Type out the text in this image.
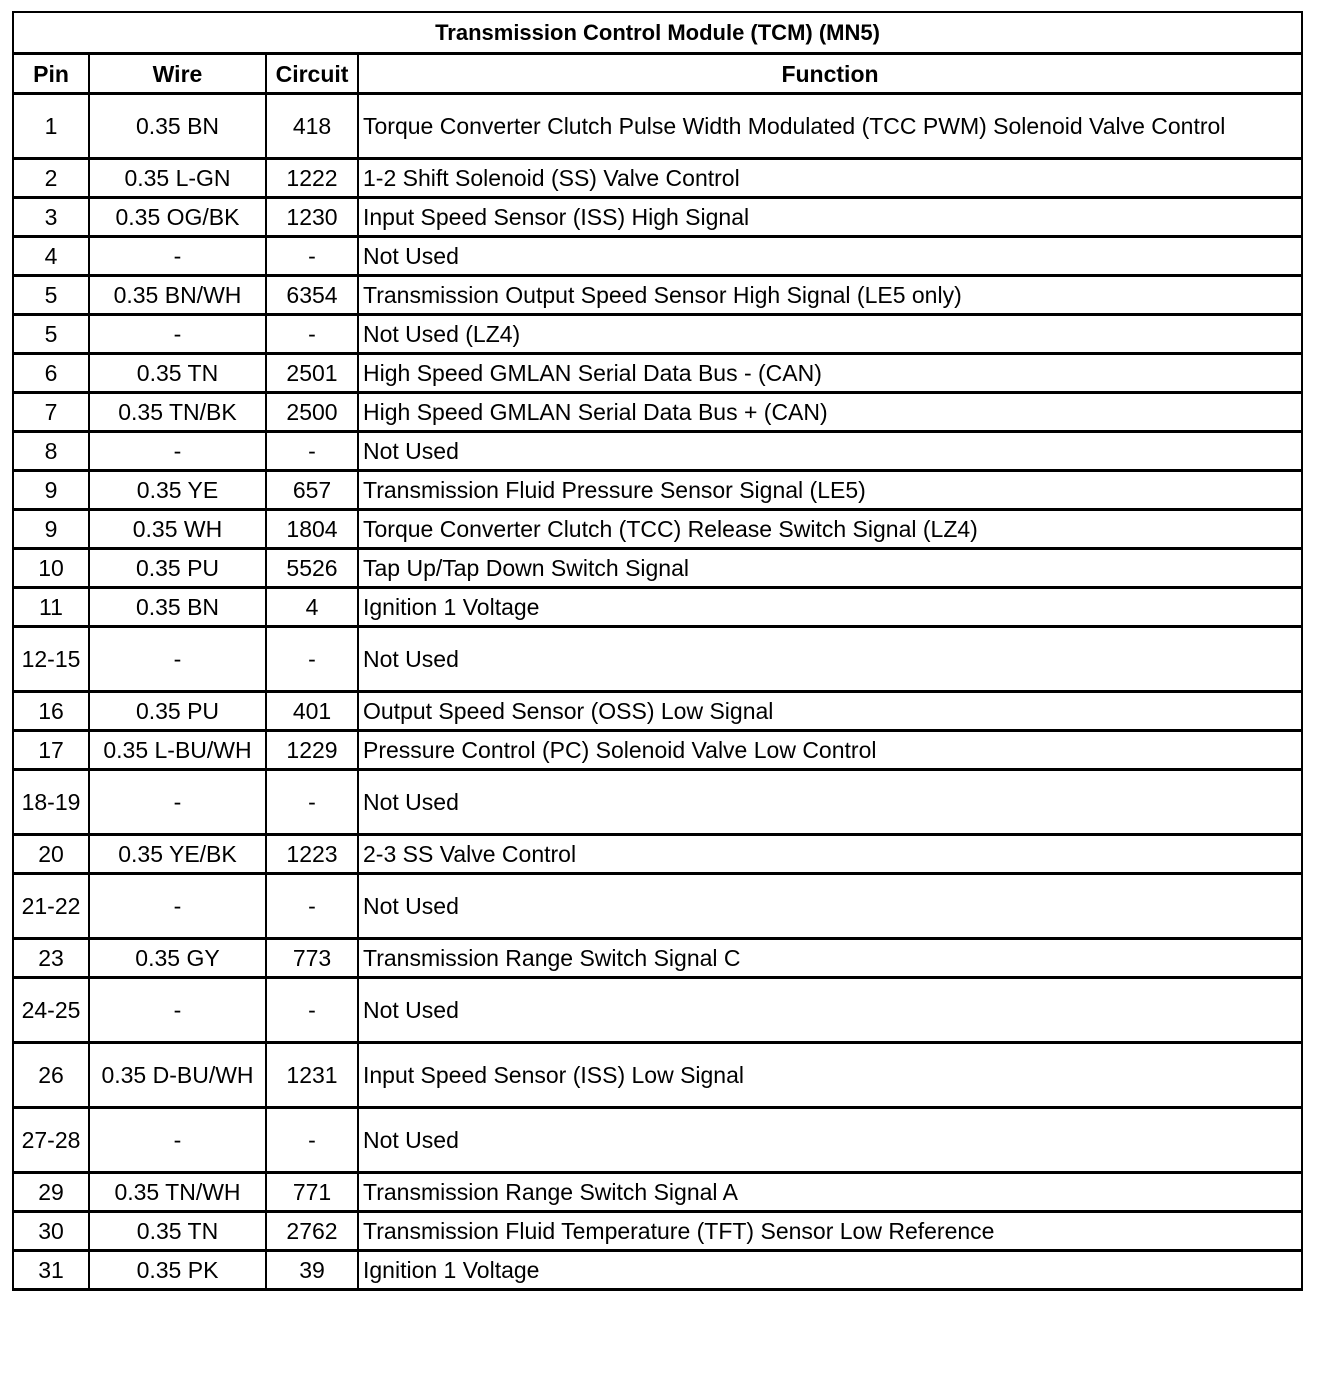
Transmission Control Module (TCM) (MN5)			
Pin	Wire	Circuit	Function
1	0.35 BN	418	Torque Converter Clutch Pulse Width Modulated (TCC PWM) Solenoid Valve Control
2	0.35 L-GN	1222	1-2 Shift Solenoid (SS) Valve Control
3	0.35 OG/BK	1230	Input Speed Sensor (ISS) High Signal
4	-	-	Not Used
5	0.35 BN/WH	6354	Transmission Output Speed Sensor High Signal (LE5 only)
5	-	-	Not Used (LZ4)
6	0.35 TN	2501	High Speed GMLAN Serial Data Bus - (CAN)
7	0.35 TN/BK	2500	High Speed GMLAN Serial Data Bus + (CAN)
8	-	-	Not Used
9	0.35 YE	657	Transmission Fluid Pressure Sensor Signal (LE5)
9	0.35 WH	1804	Torque Converter Clutch (TCC) Release Switch Signal (LZ4)
10	0.35 PU	5526	Tap Up/Tap Down Switch Signal
11	0.35 BN	4	Ignition 1 Voltage
12-15	-	-	Not Used
16	0.35 PU	401	Output Speed Sensor (OSS) Low Signal
17	0.35 L-BU/WH	1229	Pressure Control (PC) Solenoid Valve Low Control
18-19	-	-	Not Used
20	0.35 YE/BK	1223	2-3 SS Valve Control
21-22	-	-	Not Used
23	0.35 GY	773	Transmission Range Switch Signal C
24-25	-	-	Not Used
26	0.35 D-BU/WH	1231	Input Speed Sensor (ISS) Low Signal
27-28	-	-	Not Used
29	0.35 TN/WH	771	Transmission Range Switch Signal A
30	0.35 TN	2762	Transmission Fluid Temperature (TFT) Sensor Low Reference
31	0.35 PK	39	Ignition 1 Voltage
